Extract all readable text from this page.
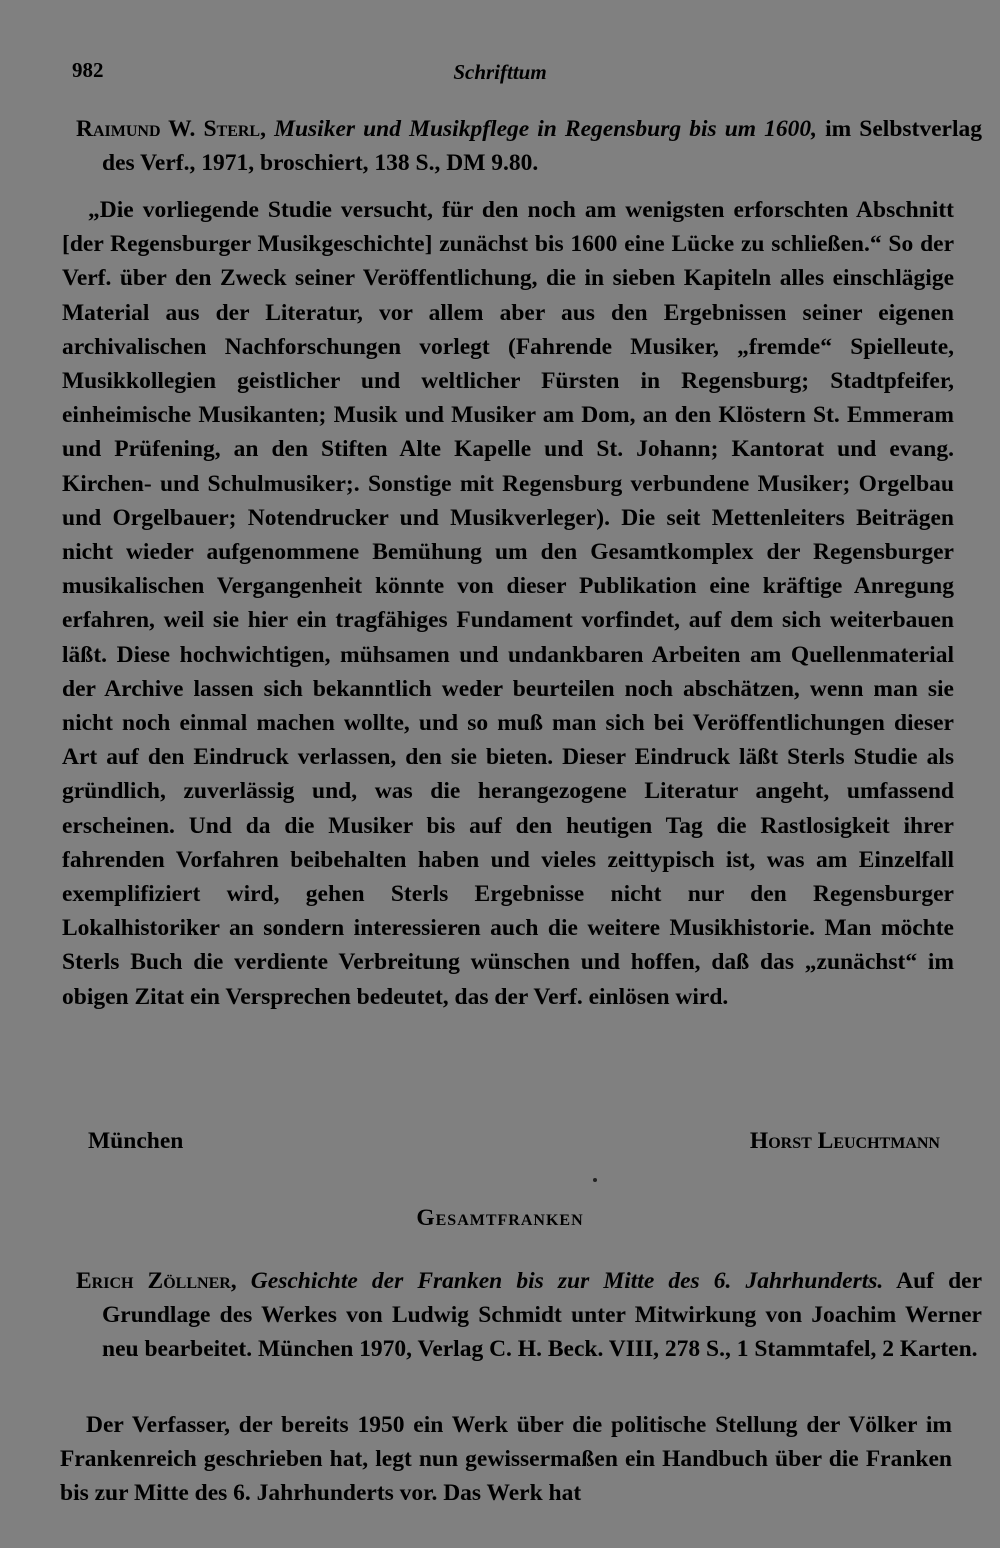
982	Schrifttum
Raimund W. Sterl, Musiker und Musikpflege in Regensburg bis um 1600, im Selbstverlag des Verf., 1971, broschiert, 138 S., DM 9.80.

„Die vorliegende Studie versucht, für den noch am wenigsten erforschten Abschnitt [der Regensburger Musikgeschichte] zunächst bis 1600 eine Lücke zu schließen.“ So der Verf. über den Zweck seiner Veröffentlichung, die in sieben Kapiteln alles einschlägige Material aus der Literatur, vor allem aber aus den Ergebnissen seiner eigenen archivalischen Nachforschungen vorlegt (Fahrende Musiker, „fremde“ Spielleute, Musikkollegien geistlicher und weltlicher Fürsten in Regensburg; Stadtpfeifer, einheimische Musikanten; Musik und Musiker am Dom, an den Klöstern St. Emmeram und Prüfening, an den Stiften Alte Kapelle und St. Johann; Kantorat und evang. Kirchen- und Schulmusiker;. Sonstige mit Regensburg verbundene Musiker; Orgelbau und Orgelbauer; Notendrucker und Musikverleger). Die seit Mettenleiters Beiträgen nicht wieder aufgenommene Bemühung um den Gesamtkomplex der Regensburger musikalischen Vergangenheit könnte von dieser Publikation eine kräftige Anregung erfahren, weil sie hier ein tragfähiges Fundament vorfindet, auf dem sich weiterbauen läßt. Diese hochwichtigen, mühsamen und undankbaren Arbeiten am Quellenmaterial der Archive lassen sich bekanntlich weder beurteilen noch abschätzen, wenn man sie nicht noch einmal machen wollte, und so muß man sich bei Veröffentlichungen dieser Art auf den Eindruck verlassen, den sie bieten. Dieser Eindruck läßt Sterls Studie als gründlich, zuverlässig und, was die herangezogene Literatur angeht, umfassend erscheinen. Und da die Musiker bis auf den heutigen Tag die Rastlosigkeit ihrer fahrenden Vorfahren beibehalten haben und vieles zeittypisch ist, was am Einzelfall exemplifiziert wird, gehen Sterls Ergebnisse nicht nur den Regensburger Lokalhistoriker an sondern interessieren auch die weitere Musikhistorie. Man möchte Sterls Buch die verdiente Verbreitung wünschen und hoffen, daß das „zunächst“ im obigen Zitat ein Versprechen bedeutet, das der Verf. einlösen wird.

München	Horst Leuchtmann
Gesamtfranken
Erich Zöllner, Geschichte der Franken bis zur Mitte des 6. Jahrhunderts. Auf der Grundlage des Werkes von Ludwig Schmidt unter Mitwirkung von Joachim Werner neu bearbeitet. München 1970, Verlag C. H. Beck. VIII, 278 S., 1 Stammtafel, 2 Karten.

Der Verfasser, der bereits 1950 ein Werk über die politische Stellung der Völker im Frankenreich geschrieben hat, legt nun gewissermaßen ein Handbuch über die Franken bis zur Mitte des 6. Jahrhunderts vor. Das Werk hat
